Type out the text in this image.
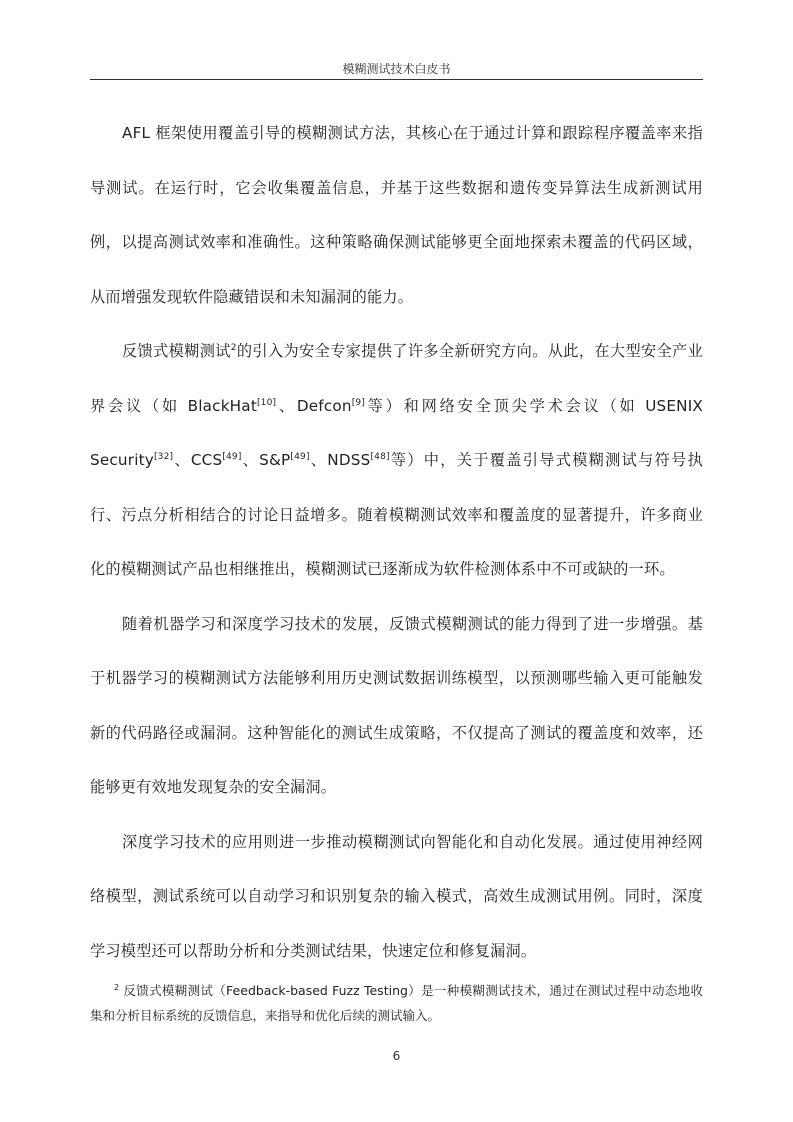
模糊测试技术白皮书

AFL 框架使用覆盖引导的模糊测试方法，其核心在于通过计算和跟踪程序覆盖率来指导测试。在运行时，它会收集覆盖信息，并基于这些数据和遗传变异算法生成新测试用例，以提高测试效率和准确性。这种策略确保测试能够更全面地探索未覆盖的代码区域，从而增强发现软件隐藏错误和未知漏洞的能力。

反馈式模糊测试$^2$的引入为安全专家提供了许多全新研究方向。从此，在大型安全产业界会议（如 BlackHat[10]、Defcon[9]等）和网络安全顶尖学术会议（如 USENIX Security[32]、CCS[49]、S&P[49]、NDSS[48]等）中，关于覆盖引导式模糊测试与符号执行、污点分析相结合的讨论日益增多。随着模糊测试效率和覆盖度的显著提升，许多商业化的模糊测试产品也相继推出，模糊测试已逐渐成为软件检测体系中不可或缺的一环。

随着机器学习和深度学习技术的发展，反馈式模糊测试的能力得到了进一步增强。基于机器学习的模糊测试方法能够利用历史测试数据训练模型，以预测哪些输入更可能触发新的代码路径或漏洞。这种智能化的测试生成策略，不仅提高了测试的覆盖度和效率，还能够更有效地发现复杂的安全漏洞。

深度学习技术的应用则进一步推动模糊测试向智能化和自动化发展。通过使用神经网络模型，测试系统可以自动学习和识别复杂的输入模式，高效生成测试用例。同时，深度学习模型还可以帮助分析和分类测试结果，快速定位和修复漏洞。

$^2$ 反馈式模糊测试（Feedback-based Fuzz Testing）是一种模糊测试技术，通过在测试过程中动态地收集和分析目标系统的反馈信息，来指导和优化后续的测试输入。
6
